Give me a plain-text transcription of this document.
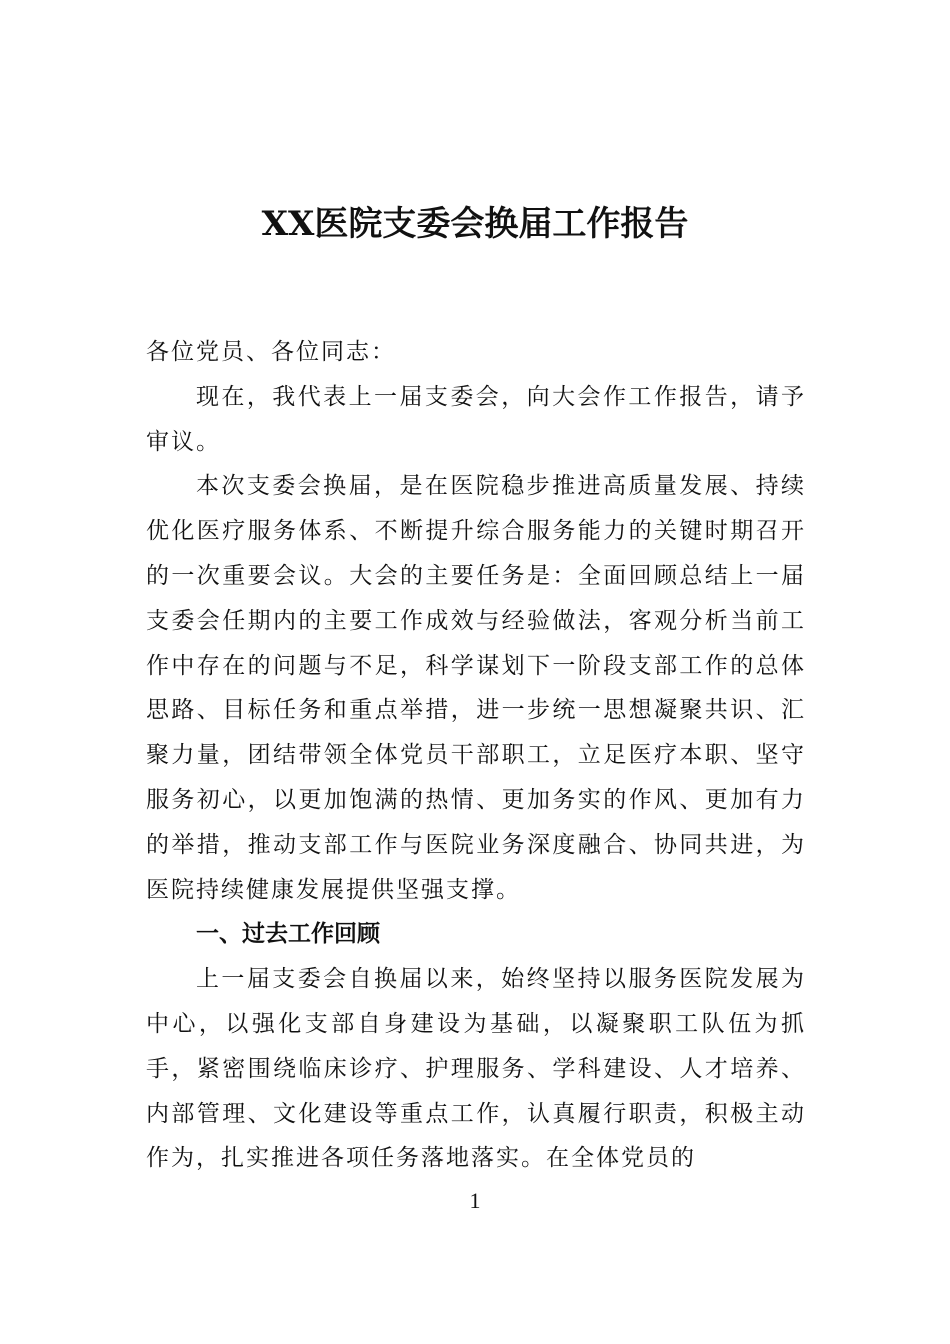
XX医院支委会换届工作报告

各位党员、各位同志：

现在，我代表上一届支委会，向大会作工作报告，请予审议。

本次支委会换届，是在医院稳步推进高质量发展、持续优化医疗服务体系、不断提升综合服务能力的关键时期召开的一次重要会议。大会的主要任务是：全面回顾总结上一届支委会任期内的主要工作成效与经验做法，客观分析当前工作中存在的问题与不足，科学谋划下一阶段支部工作的总体思路、目标任务和重点举措，进一步统一思想凝聚共识、汇聚力量，团结带领全体党员干部职工，立足医疗本职、坚守服务初心，以更加饱满的热情、更加务实的作风、更加有力的举措，推动支部工作与医院业务深度融合、协同共进，为医院持续健康发展提供坚强支撑。

一、过去工作回顾

上一届支委会自换届以来，始终坚持以服务医院发展为中心，以强化支部自身建设为基础，以凝聚职工队伍为抓手，紧密围绕临床诊疗、护理服务、学科建设、人才培养、内部管理、文化建设等重点工作，认真履行职责，积极主动作为，扎实推进各项任务落地落实。在全体党员的

1
